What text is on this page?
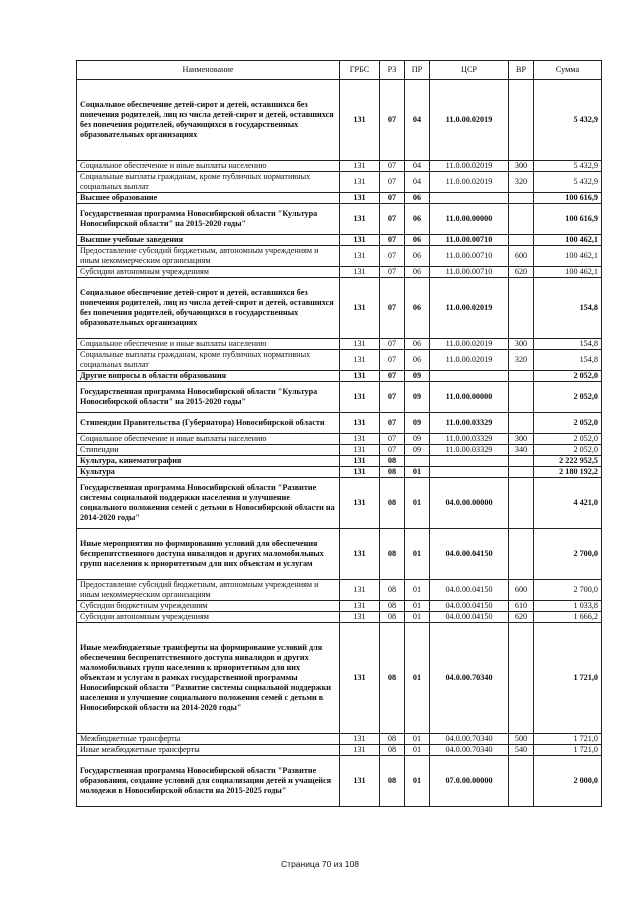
Наименование	ГРБС	РЗ	ПР	ЦСР	ВР	Сумма
Социальное обеспечение детей-сирот и детей, оставшихся без попечения родителей, лиц из числа детей-сирот и детей, оставшихся без попечения родителей, обучающихся в государственных образовательных организациях	131	07	04	11.0.00.02019		5 432,9
Социальное обеспечение и иные выплаты населению	131	07	04	11.0.00.02019	300	5 432,9
Социальные выплаты гражданам, кроме публичных нормативных социальных выплат	131	07	04	11.0.00.02019	320	5 432,9
Высшее образование	131	07	06			100 616,9
Государственная программа Новосибирской области "Культура Новосибирской области" на 2015-2020 годы"	131	07	06	11.0.00.00000		100 616,9
Высшие учебные заведения	131	07	06	11.0.00.00710		100 462,1
Предоставление субсидий бюджетным, автономным учреждениям и иным некоммерческим организациям	131	07	06	11.0.00.00710	600	100 462,1
Субсидии автономным учреждениям	131	07	06	11.0.00.00710	620	100 462,1
Социальное обеспечение детей-сирот и детей, оставшихся без попечения родителей, лиц из числа детей-сирот и детей, оставшихся без попечения родителей, обучающихся в государственных образовательных организациях	131	07	06	11.0.00.02019		154,8
Социальное обеспечение и иные выплаты населению	131	07	06	11.0.00.02019	300	154,8
Социальные выплаты гражданам, кроме публичных нормативных социальных выплат	131	07	06	11.0.00.02019	320	154,8
Другие вопросы в области образования	131	07	09			2 052,0
Государственная программа Новосибирской области "Культура Новосибирской области" на 2015-2020 годы"	131	07	09	11.0.00.00000		2 052,0
Стипендии Правительства (Губернатора) Новосибирской области	131	07	09	11.0.00.03329		2 052,0
Социальное обеспечение и иные выплаты населению	131	07	09	11.0.00.03329	300	2 052,0
Стипендии	131	07	09	11.0.00.03329	340	2 052,0
Культура, кинематография	131	08				2 222 952,5
Культура	131	08	01			2 180 192,2
Государственная программа Новосибирской области "Развитие системы социальной поддержки населения и улучшение социального положения семей с детьми в Новосибирской области на 2014-2020 годы"	131	08	01	04.0.00.00000		4 421,0
Иные мероприятия по формированию условий для обеспечения беспрепятственного доступа инвалидов и других маломобильных групп населения к приоритетным для них объектам и услугам	131	08	01	04.0.00.04150		2 700,0
Предоставление субсидий бюджетным, автономным учреждениям и иным некоммерческим организациям	131	08	01	04.0.00.04150	600	2 700,0
Субсидии бюджетным учреждениям	131	08	01	04.0.00.04150	610	1 033,8
Субсидии автономным учреждениям	131	08	01	04.0.00.04150	620	1 666,2
Иные межбюджетные трансферты на формирование условий для обеспечения беспрепятственного доступа инвалидов и других маломобильных групп населения к приоритетным для них объектам и услугам в рамках государственной программы Новосибирской области "Развитие системы социальной поддержки населения и улучшение социального положения семей с детьми в Новосибирской области на 2014-2020 годы"	131	08	01	04.0.00.70340		1 721,0
Межбюджетные трансферты	131	08	01	04.0.00.70340	500	1 721,0
Иные межбюджетные трансферты	131	08	01	04.0.00.70340	540	1 721,0
Государственная программа Новосибирской области "Развитие образования, создание условий для социализации детей и учащейся молодежи в Новосибирской области на 2015-2025 годы"	131	08	01	07.0.00.00000		2 000,0
Страница 70 из 108
